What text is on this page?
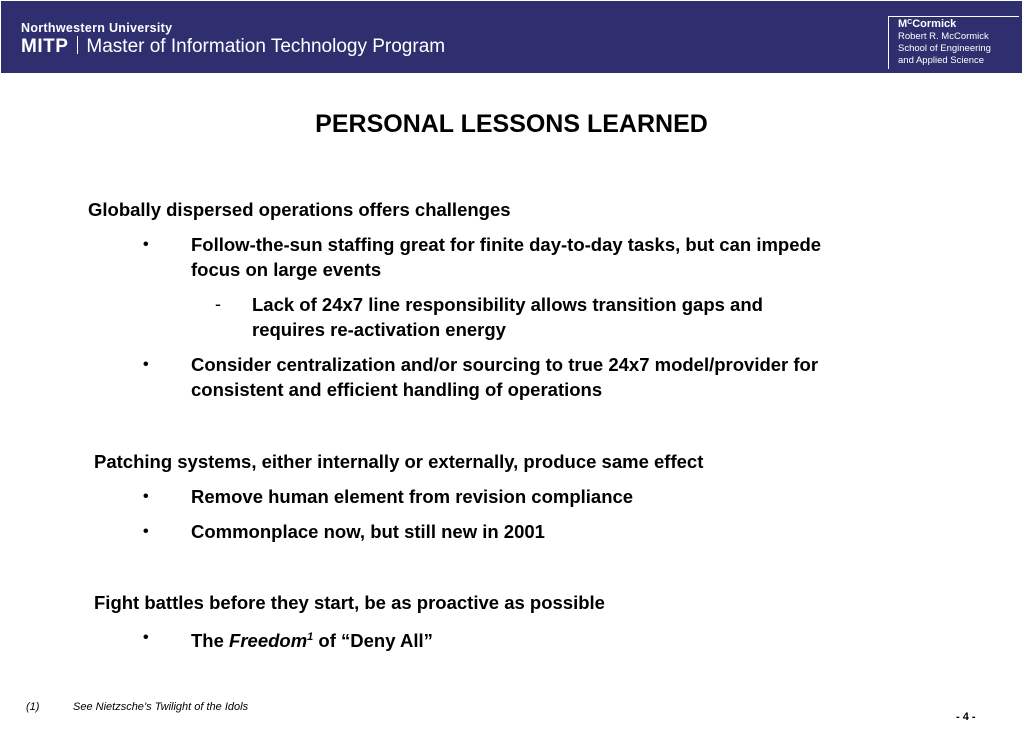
Northwestern University
MITP Master of Information Technology Program
$M^CCormick$
Robert R. McCormick
School of Engineering
and Applied Science
PERSONAL LESSONS LEARNED
Globally dispersed operations offers challenges
• Follow-the-sun staffing great for finite day-to-day tasks, but can impede
focus on large events
- Lack of 24x7 line responsibility allows transition gaps and
requires re-activation energy
• Consider centralization and/or sourcing to true 24x7 model/provider for
consistent and efficient handling of operations
Patching systems, either internally or externally, produce same effect
• Remove human element from revision compliance
• Commonplace now, but still new in 2001
Fight battles before they start, be as proactive as possible
• The Freedom$^1$ of “Deny All”
(1)	See Nietzsche’s Twilight of the Idols
- 4 -
